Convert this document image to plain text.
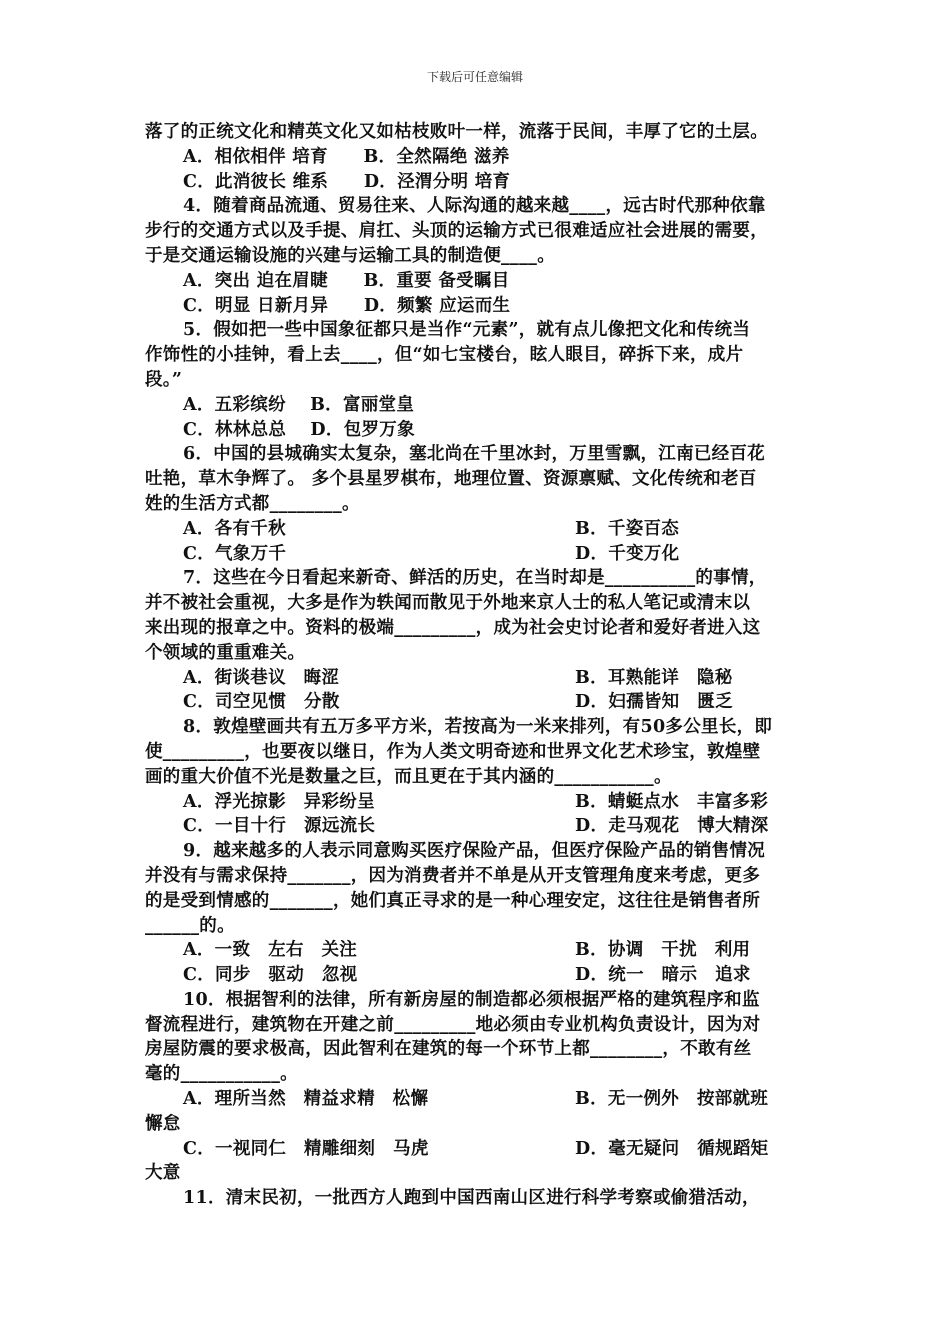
下载后可任意编辑
落了的正统文化和精英文化又如枯枝败叶一样，流落于民间，丰厚了它的土层。
A．相依相伴 培育　　B．全然隔绝 滋养
C．此消彼长 维系　　D．泾渭分明 培育
4．随着商品流通、贸易往来、人际沟通的越来越____，远古时代那种依靠
步行的交通方式以及手提、肩扛、头顶的运输方式已很难适应社会进展的需要，
于是交通运输设施的兴建与运输工具的制造便____。
A．突出 迫在眉睫　　B．重要 备受瞩目
C．明显 日新月异　　D．频繁 应运而生
5．假如把一些中国象征都只是当作“元素”，就有点儿像把文化和传统当
作饰性的小挂钟，看上去____，但“如七宝楼台，眩人眼目，碎拆下来，成片
段。”
A．五彩缤纷　 B．富丽堂皇
C．林林总总　 D．包罗万象
6．中国的县城确实太复杂，塞北尚在千里冰封，万里雪飘，江南已经百花
吐艳，草木争辉了。 多个县星罗棋布，地理位置、资源禀赋、文化传统和老百
姓的生活方式都________。
A．各有千秋	B．千姿百态
C．气象万千	D．千变万化
7．这些在今日看起来新奇、鲜活的历史，在当时却是__________的事情，
并不被社会重视，大多是作为轶闻而散见于外地来京人士的私人笔记或清末以
来出现的报章之中。资料的极端_________，成为社会史讨论者和爱好者进入这
个领域的重重难关。
A．街谈巷议　晦涩	B．耳熟能详　隐秘
C．司空见惯　分散	D．妇孺皆知　匮乏
8．敦煌壁画共有五万多平方米，若按高为一米来排列，有50多公里长，即
使_________，也要夜以继日，作为人类文明奇迹和世界文化艺术珍宝，敦煌壁
画的重大价值不光是数量之巨，而且更在于其内涵的___________。
A．浮光掠影　异彩纷呈	B．蜻蜓点水　丰富多彩
C．一目十行　源远流长	D．走马观花　博大精深
9．越来越多的人表示同意购买医疗保险产品，但医疗保险产品的销售情况
并没有与需求保持_______，因为消费者并不单是从开支管理角度来考虑，更多
的是受到情感的_______，她们真正寻求的是一种心理安定，这往往是销售者所
______的。
A．一致　左右　关注	B．协调　干扰　利用
C．同步　驱动　忽视	D．统一　暗示　追求
10．根据智利的法律，所有新房屋的制造都必须根据严格的建筑程序和监
督流程进行，建筑物在开建之前_________地必须由专业机构负责设计，因为对
房屋防震的要求极高，因此智利在建筑的每一个环节上都________，不敢有丝
毫的___________。
A．理所当然　精益求精　松懈	B．无一例外　按部就班
懈怠
C．一视同仁　精雕细刻　马虎	D．毫无疑问　循规蹈矩
大意
11．清末民初，一批西方人跑到中国西南山区进行科学考察或偷猎活动，
